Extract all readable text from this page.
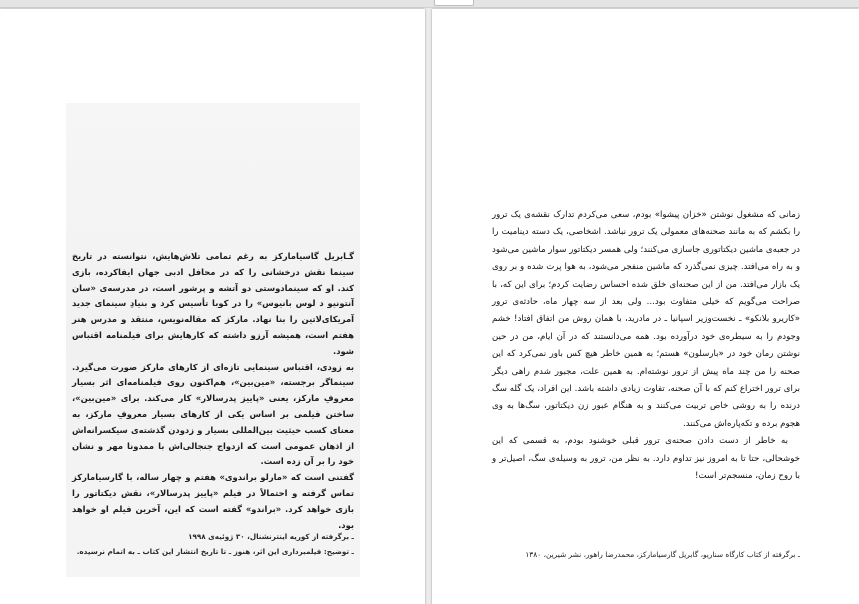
گـابریل گاسیامارکز به رغم تمامی تلاش‌هایش، نتوانسته در تاریخ سینما نقش درخشانی را که در محافل ادبی جهان ایفاکرده، بازی کند. او که سینمادوستی دو آتشه و پرشور است، در مدرسه‌ی «سان آنتونیو د لوس بانیوس» را در کوبا تأسیس کرد و بنیادِ سینمای جدید آمریکای‌لاتین را بنا نهاد. مارکز که مقالەنویس، منتقد و مدرس هنر هفتم است، همیشه آرزو داشته که کارهایش برای فیلمنامه اقتباس شود.

به زودی، اقتباس سینمایی تازه‌ای از کارهای مارکز صورت می‌گیرد. سینماگر برجسته، «مین‌بین»، هم‌اکنون روی فیلمنامه‌ای اثر بسیار معروفِ مارکز، یعنی «پاییز پدرسالار» کار می‌کند. برای «مین‌بین»، ساختن فیلمی بر اساس یکی از کارهای بسیار معروفِ مارکز، به معنای کسب حیثیت بین‌المللی بسیار و زدودن گذشته‌ی سیکسرانه‌اش از اذهان عمومی است که ازدواج جنجالی‌اش با ممدونا مهر و نشان خود را بر آن زده است.

گفتنی است که «مارلو براندوی» هفتم و چهار ساله، با گارسیامارکز تماس گرفته و احتمالاً در فیلم «پاییز پدرسالار»، نقش دیکتاتور را بازی خواهد کرد. «براندو» گفته است که این، آخرین فیلم او خواهد بود.

ـ برگرفته از کوریه اینترنشنال، ۳۰ ژوئیه‌ی ۱۹۹۸
ـ توضیح: فیلمبرداری این اثر، هنوز ـ تا تاریخ انتشار این کتاب ـ به اتمام نرسیده.

زمانی که مشغول نوشتن «خزان پیشوا» بودم، سعی می‌کردم تدارک نقشه‌ی یک ترور را بکشم که به مانند صحنه‌های معمولی یک ترور نباشد. اشخاصی، یک دسته دینامیت را در جعبه‌ی ماشین دیکتاتوری جاسازی می‌کنند؛ ولی همسر دیکتاتور سوار ماشین می‌شود و به راه می‌افتد. چیزی نمی‌گذرد که ماشین منفجر می‌شود، به هوا پرت شده و بر روی یک بازار می‌افتد. من از این صحنه‌ای خلق شده احساس رضایت کردم؛ برای این که، با صراحت می‌گویم که خیلی متفاوت بود... ولی بعد از سه چهار ماه، حادثه‌ی ترور «کاریرو بلانکو» ـ نخست‌وزیر اسپانیا ـ در مادرید، با همان روش من اتفاق افتاد! خشم وجودم را به سیطره‌ی خود درآورده بود. همه می‌دانستند که در آن ایام، من در حین نوشتن رمان خود در «بارسلون» هستم؛ به همین خاطر هیچ کس باور نمی‌کرد که این صحنه را من چند ماه پیش از ترور نوشته‌ام. به همین علت، مجبور شدم راهی دیگر برای ترور اختراع کنم که با آن صحنه، تفاوت زیادی داشته باشد. این افراد، یک گله سگ درنده را به روشی خاص تربیت می‌کنند و به هنگام عبور زن دیکتاتور، سگ‌ها به وی هجوم برده و تکه‌پاره‌اش می‌کنند.

به خاطر از دست دادن صحنه‌ی ترور قبلی خوشنود بودم، به قسمی که این خوشحالی، حتا تا به امروز نیز تداوم دارد. به نظر من، ترور به وسیله‌ی سگ، اصیل‌تر و با روح زمان، منسجم‌تر است!

ـ برگرفته از کتاب کارگاه سناریو، گابریل گارسیامارکز، محمدرضا راهور، نشر شیرین، ۱۳۸۰
